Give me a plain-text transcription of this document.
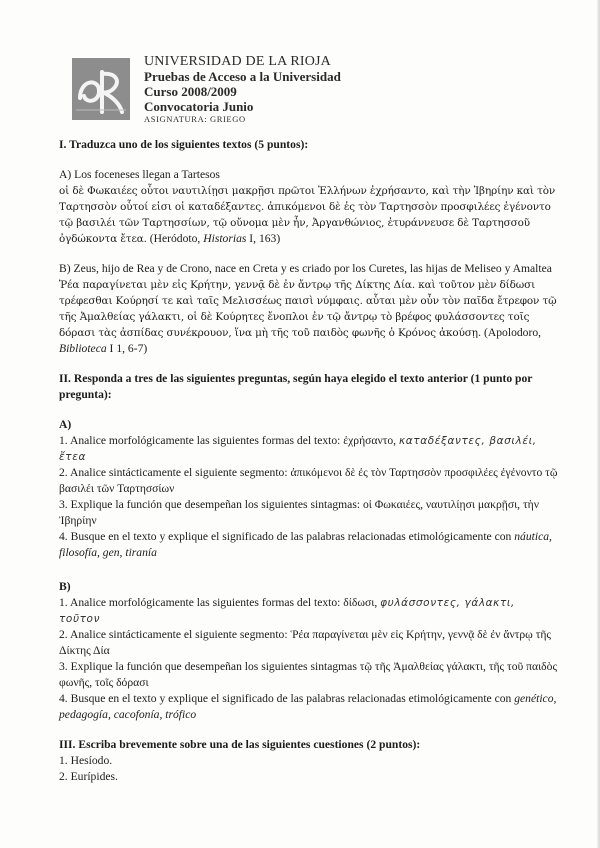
UNIVERSIDAD DE LA RIOJA
Pruebas de Acceso a la Universidad
Curso 2008/2009
Convocatoria Junio
ASIGNATURA: GRIEGO

I. Traduzca uno de los siguientes textos (5 puntos):

A) Los foceneses llegan a Tartesos

οἱ δὲ Φωκαιέες οὗτοι ναυτιλίῃσι μακρῇσι πρῶτοι Ἑλλήνων ἐχρήσαντο, καὶ τὴν Ἰβηρίην καὶ τὸν Ταρτησσὸν οὗτοί εἰσι οἱ καταδέξαντες. ἀπικόμενοι δὲ ἐς τὸν Ταρτησσὸν προσφιλέες ἐγένοντο τῷ βασιλέι τῶν Ταρτησσίων, τῷ οὔνομα μὲν ἦν, Ἀργανθώνιος, ἐτυράννευσε δὲ Ταρτησσοῦ ὀγδώκοντα ἔτεα. (Heródoto, Historias I, 163)

B) Zeus, hijo de Rea y de Crono, nace en Creta y es criado por los Curetes, las hijas de Meliseo y Amaltea

Ῥέα παραγίνεται μὲν εἰς Κρήτην, γεννᾷ δὲ ἐν ἄντρῳ τῆς Δίκτης Δία. καὶ τοῦτον μὲν δίδωσι τρέφεσθαι Κούρησί τε καὶ ταῖς Μελισσέως παισὶ νύμφαις. αὗται μὲν οὖν τὸν παῖδα ἔτρεφον τῷ τῆς Ἀμαλθείας γάλακτι, οἱ δὲ Κούρητες ἔνοπλοι ἐν τῷ ἄντρῳ τὸ βρέφος φυλάσσοντες τοῖς δόρασι τὰς ἀσπίδας συνέκρουον, ἵνα μὴ τῆς τοῦ παιδὸς φωνῆς ὁ Κρόνος ἀκούσῃ. (Apolodoro, Biblioteca I 1, 6-7)

II. Responda a tres de las siguientes preguntas, según haya elegido el texto anterior (1 punto por pregunta):

A)

1. Analice morfológicamente las siguientes formas del texto: ἐχρήσαντο, καταδέξαντες, βασιλέι, ἔτεα

2. Analice sintácticamente el siguiente segmento: ἀπικόμενοι δὲ ἐς τὸν Ταρτησσὸν προσφιλέες ἐγένοντο τῷ βασιλέι τῶν Ταρτησσίων

3. Explique la función que desempeñan los siguientes sintagmas: οἱ Φωκαιέες, ναυτιλίῃσι μακρῇσι, τὴν Ἰβηρίην

4. Busque en el texto y explique el significado de las palabras relacionadas etimológicamente con náutica, filosofía, gen, tiranía

B)

1. Analice morfológicamente las siguientes formas del texto: δίδωσι, φυλάσσοντες, γάλακτι, τοῦτον

2. Analice sintácticamente el siguiente segmento: Ῥέα παραγίνεται μὲν εἰς Κρήτην, γεννᾷ δὲ ἐν ἄντρῳ τῆς Δίκτης Δία

3. Explique la función que desempeñan los siguientes sintagmas τῷ τῆς Ἀμαλθείας γάλακτι, τῆς τοῦ παιδὸς φωνῆς, τοῖς δόρασι

4. Busque en el texto y explique el significado de las palabras relacionadas etimológicamente con genético, pedagogía, cacofonía, trófico

III. Escriba brevemente sobre una de las siguientes cuestiones (2 puntos):

1. Hesíodo.

2. Eurípides.
